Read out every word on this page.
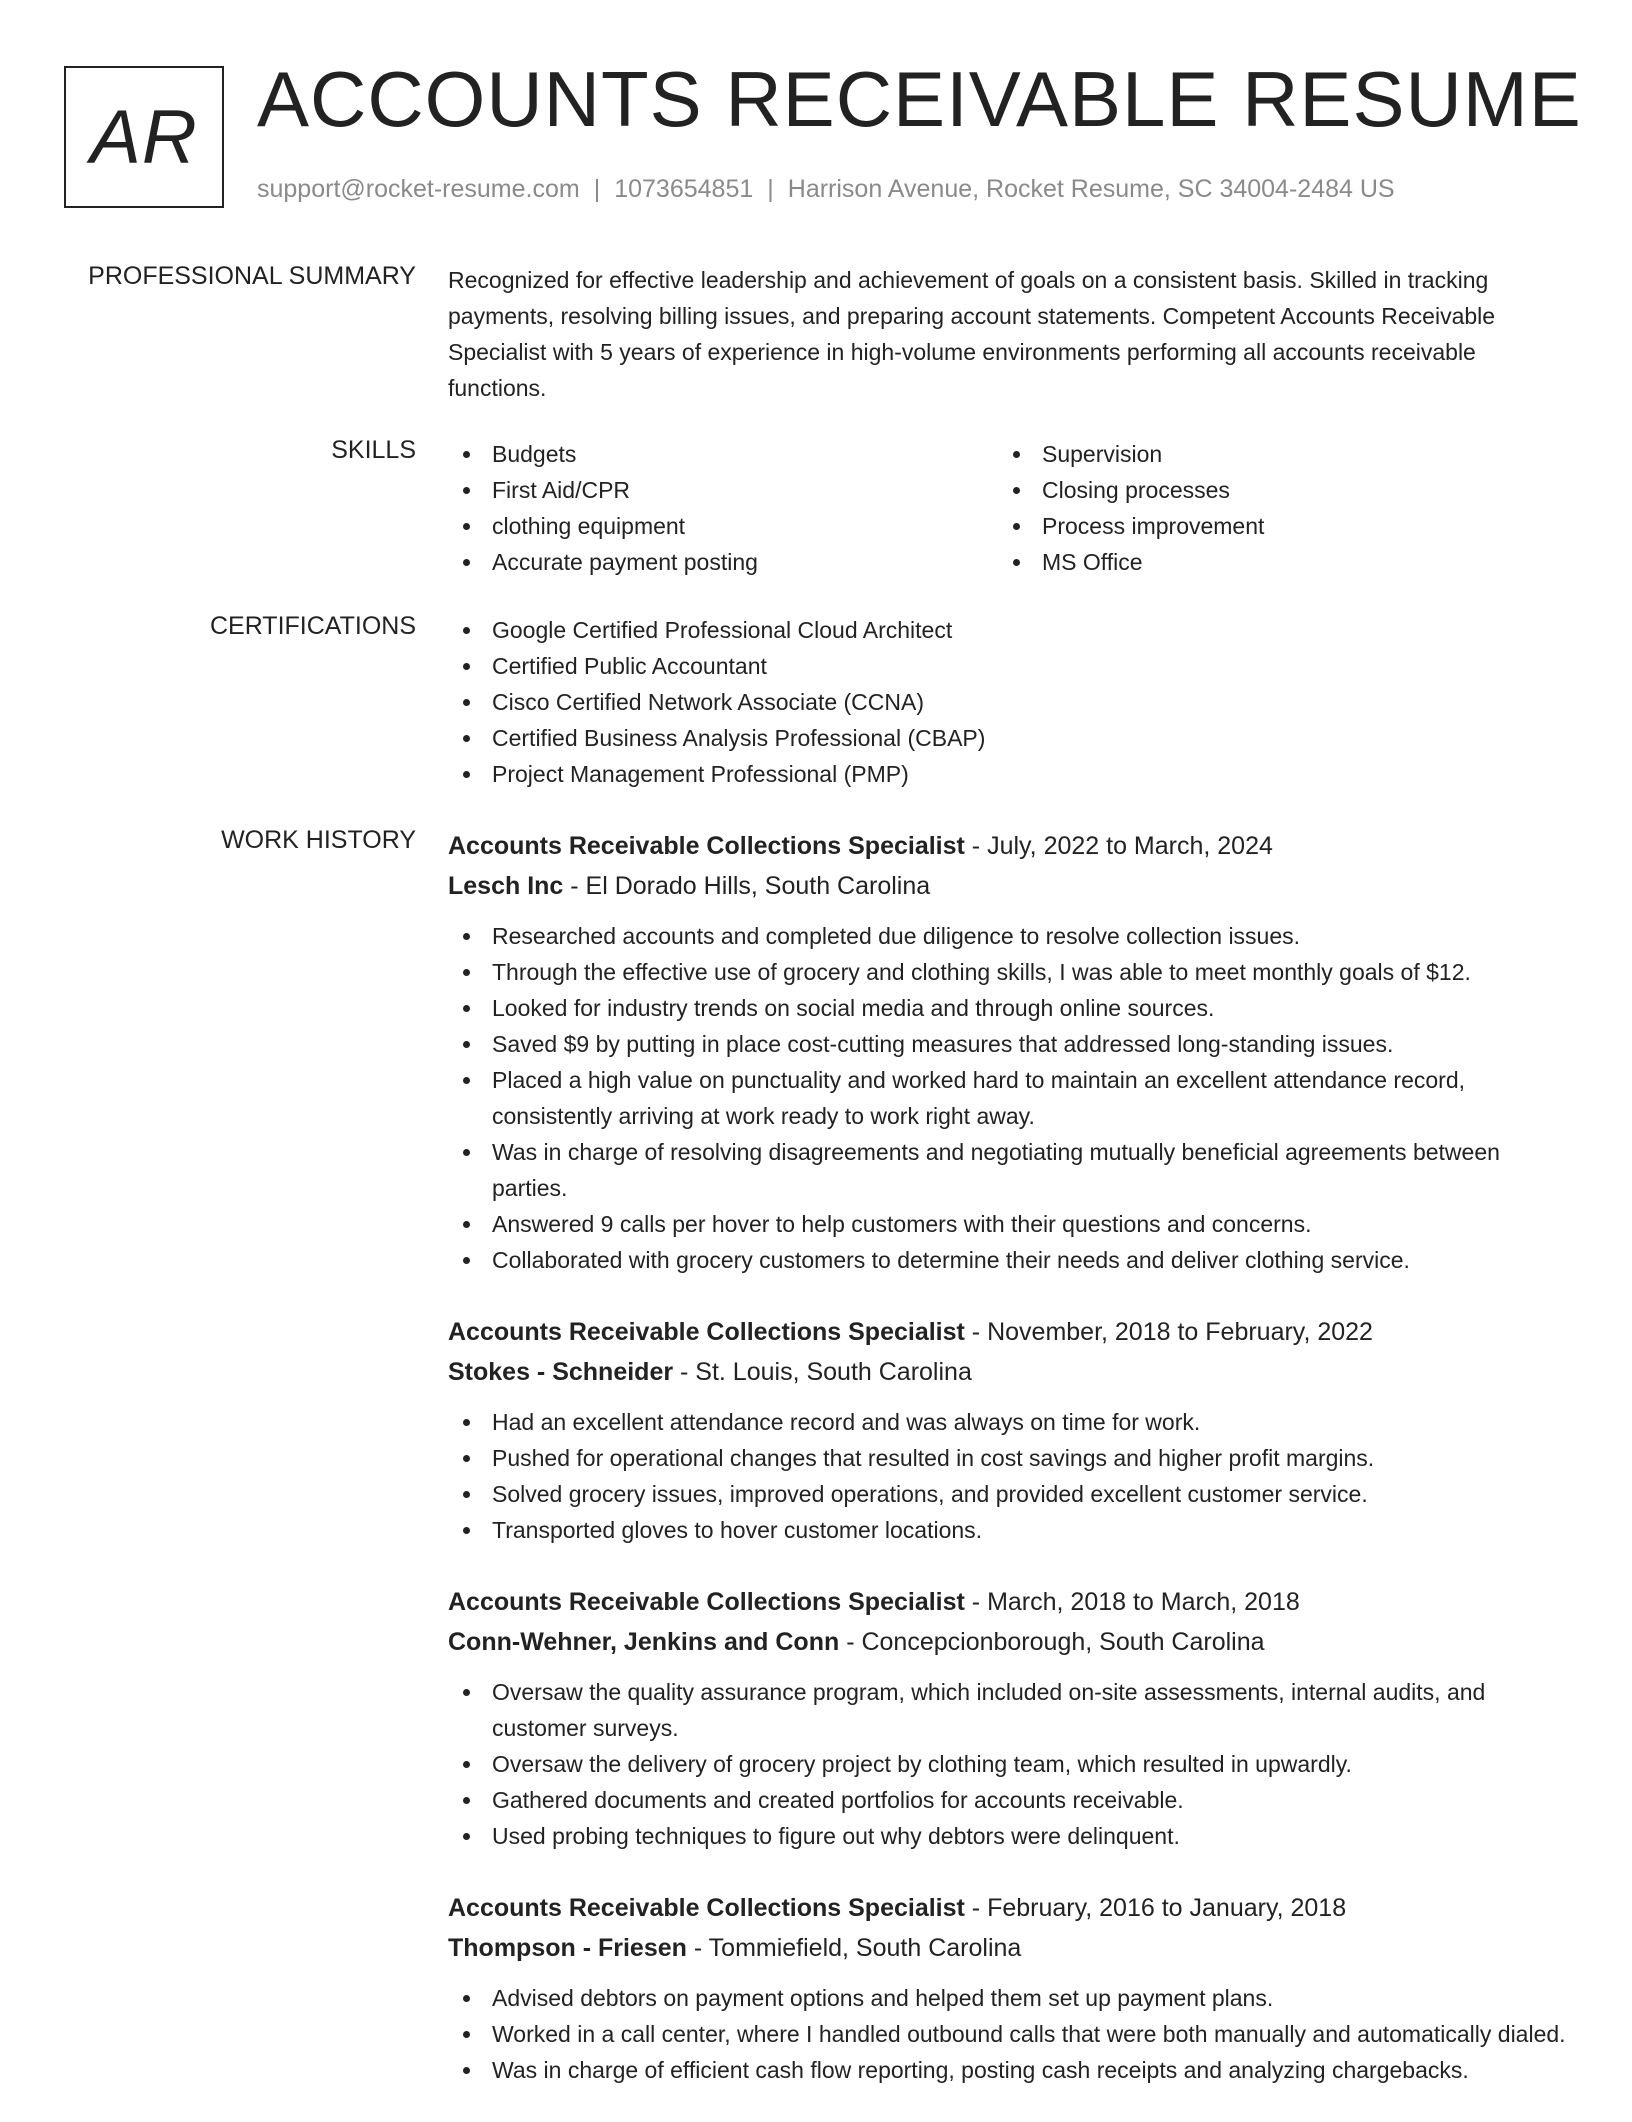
AR ACCOUNTS RECEIVABLE RESUME
support@rocket-resume.com | 1073654851 | Harrison Avenue, Rocket Resume, SC 34004-2484 US
PROFESSIONAL SUMMARY Recognized for effective leadership and achievement of goals on a consistent basis. Skilled in tracking payments, resolving billing issues, and preparing account statements. Competent Accounts Receivable Specialist with 5 years of experience in high-volume environments performing all accounts receivable functions.

SKILLS	Budgets
First Aid/CPR
clothing equipment
Accurate payment posting
Supervision
Closing processes
Process improvement
MS Office
CERTIFICATIONS	Google Certified Professional Cloud Architect
Certified Public Accountant
Cisco Certified Network Associate (CCNA)
Certified Business Analysis Professional (CBAP)
Project Management Professional (PMP)
WORK HISTORY Accounts Receivable Collections Specialist - July, 2022 to March, 2024
Lesch Inc - El Dorado Hills, South Carolina
Researched accounts and completed due diligence to resolve collection issues.
Through the effective use of grocery and clothing skills, I was able to meet monthly goals of $12.
Looked for industry trends on social media and through online sources.
Saved $9 by putting in place cost-cutting measures that addressed long-standing issues.
Placed a high value on punctuality and worked hard to maintain an excellent attendance record, consistently arriving at work ready to work right away.
Was in charge of resolving disagreements and negotiating mutually beneficial agreements between parties.
Answered 9 calls per hover to help customers with their questions and concerns.
Collaborated with grocery customers to determine their needs and deliver clothing service.
Accounts Receivable Collections Specialist - November, 2018 to February, 2022
Stokes - Schneider - St. Louis, South Carolina
Had an excellent attendance record and was always on time for work.
Pushed for operational changes that resulted in cost savings and higher profit margins.
Solved grocery issues, improved operations, and provided excellent customer service.
Transported gloves to hover customer locations.
Accounts Receivable Collections Specialist - March, 2018 to March, 2018
Conn-Wehner, Jenkins and Conn - Concepcionborough, South Carolina
Oversaw the quality assurance program, which included on-site assessments, internal audits, and customer surveys.
Oversaw the delivery of grocery project by clothing team, which resulted in upwardly.
Gathered documents and created portfolios for accounts receivable.
Used probing techniques to figure out why debtors were delinquent.
Accounts Receivable Collections Specialist - February, 2016 to January, 2018
Thompson - Friesen - Tommiefield, South Carolina
Advised debtors on payment options and helped them set up payment plans.
Worked in a call center, where I handled outbound calls that were both manually and automatically dialed.
Was in charge of efficient cash flow reporting, posting cash receipts and analyzing chargebacks.
